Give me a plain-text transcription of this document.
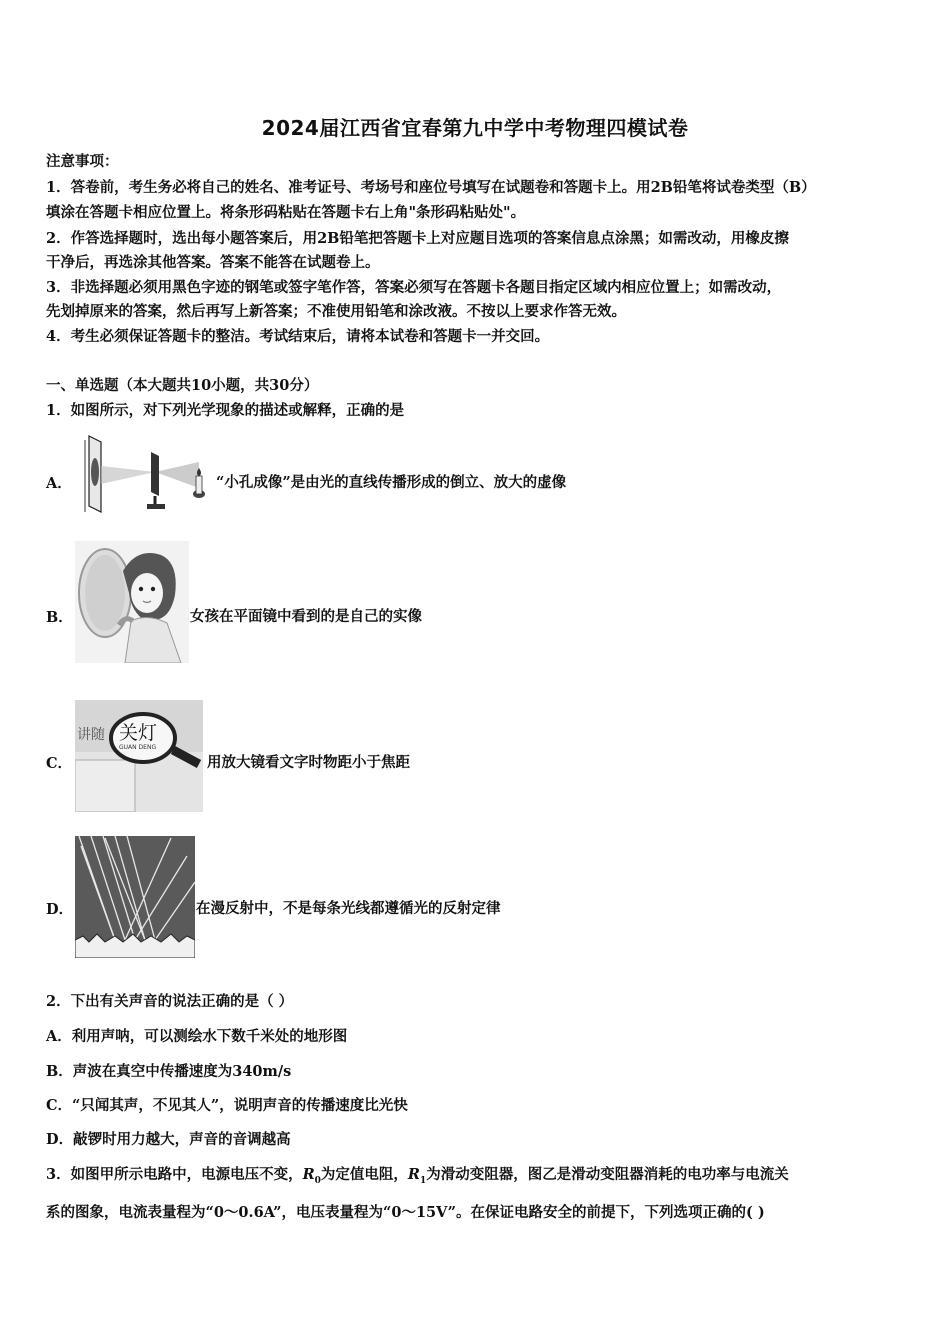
2024届江西省宜春第九中学中考物理四模试卷
注意事项：
1．答卷前，考生务必将自己的姓名、准考证号、考场号和座位号填写在试题卷和答题卡上。用2B铅笔将试卷类型（B）
填涂在答题卡相应位置上。将条形码粘贴在答题卡右上角"条形码粘贴处"。
2．作答选择题时，选出每小题答案后，用2B铅笔把答题卡上对应题目选项的答案信息点涂黑；如需改动，用橡皮擦
干净后，再选涂其他答案。答案不能答在试题卷上。
3．非选择题必须用黑色字迹的钢笔或签字笔作答，答案必须写在答题卡各题目指定区域内相应位置上；如需改动，
先划掉原来的答案，然后再写上新答案；不准使用铅笔和涂改液。不按以上要求作答无效。
4．考生必须保证答题卡的整洁。考试结束后，请将本试卷和答题卡一并交回。
一、单选题（本大题共10小题，共30分）
1．如图所示，对下列光学现象的描述或解释，正确的是
A．	“小孔成像”是由光的直线传播形成的倒立、放大的虚像
B．	女孩在平面镜中看到的是自己的实像
C．
讲随 关灯
GUAN DENG
用放大镜看文字时物距小于焦距
D．	在漫反射中，不是每条光线都遵循光的反射定律
2．下出有关声音的说法正确的是（ ）
A．利用声呐，可以测绘水下数千米处的地形图
B．声波在真空中传播速度为340m/s
C．“只闻其声，不见其人”，说明声音的传播速度比光快
D．敲锣时用力越大，声音的音调越高
3．如图甲所示电路中，电源电压不变，$R_0$为定值电阻，$R_1$为滑动变阻器，图乙是滑动变阻器消耗的电功率与电流关
系的图象，电流表量程为“0～0.6A”，电压表量程为“0～15V”。在保证电路安全的前提下，下列选项正确的( )
